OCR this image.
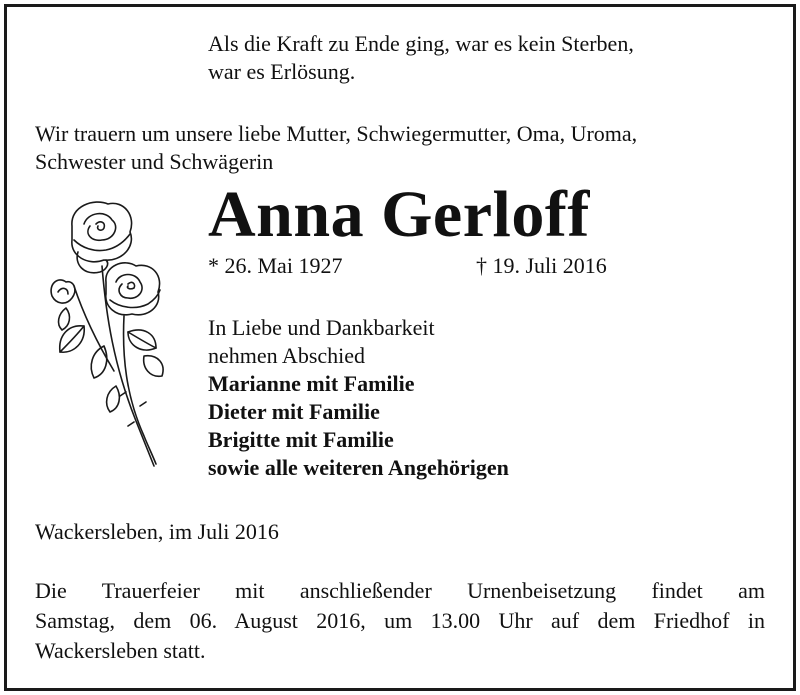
Als die Kraft zu Ende ging, war es kein Sterben,
war es Erlösung.
Wir trauern um unsere liebe Mutter, Schwiegermutter, Oma, Uroma,
Schwester und Schwägerin
Anna Gerloff
* 26. Mai 1927	† 19. Juli 2016
In Liebe und Dankbarkeit
nehmen Abschied
Marianne mit Familie
Dieter mit Familie
Brigitte mit Familie
sowie alle weiteren Angehörigen
Wackersleben, im Juli 2016
Die Trauerfeier mit anschließender Urnenbeisetzung findet am
Samstag, dem 06. August 2016, um 13.00 Uhr auf dem Friedhof in
Wackersleben statt.
